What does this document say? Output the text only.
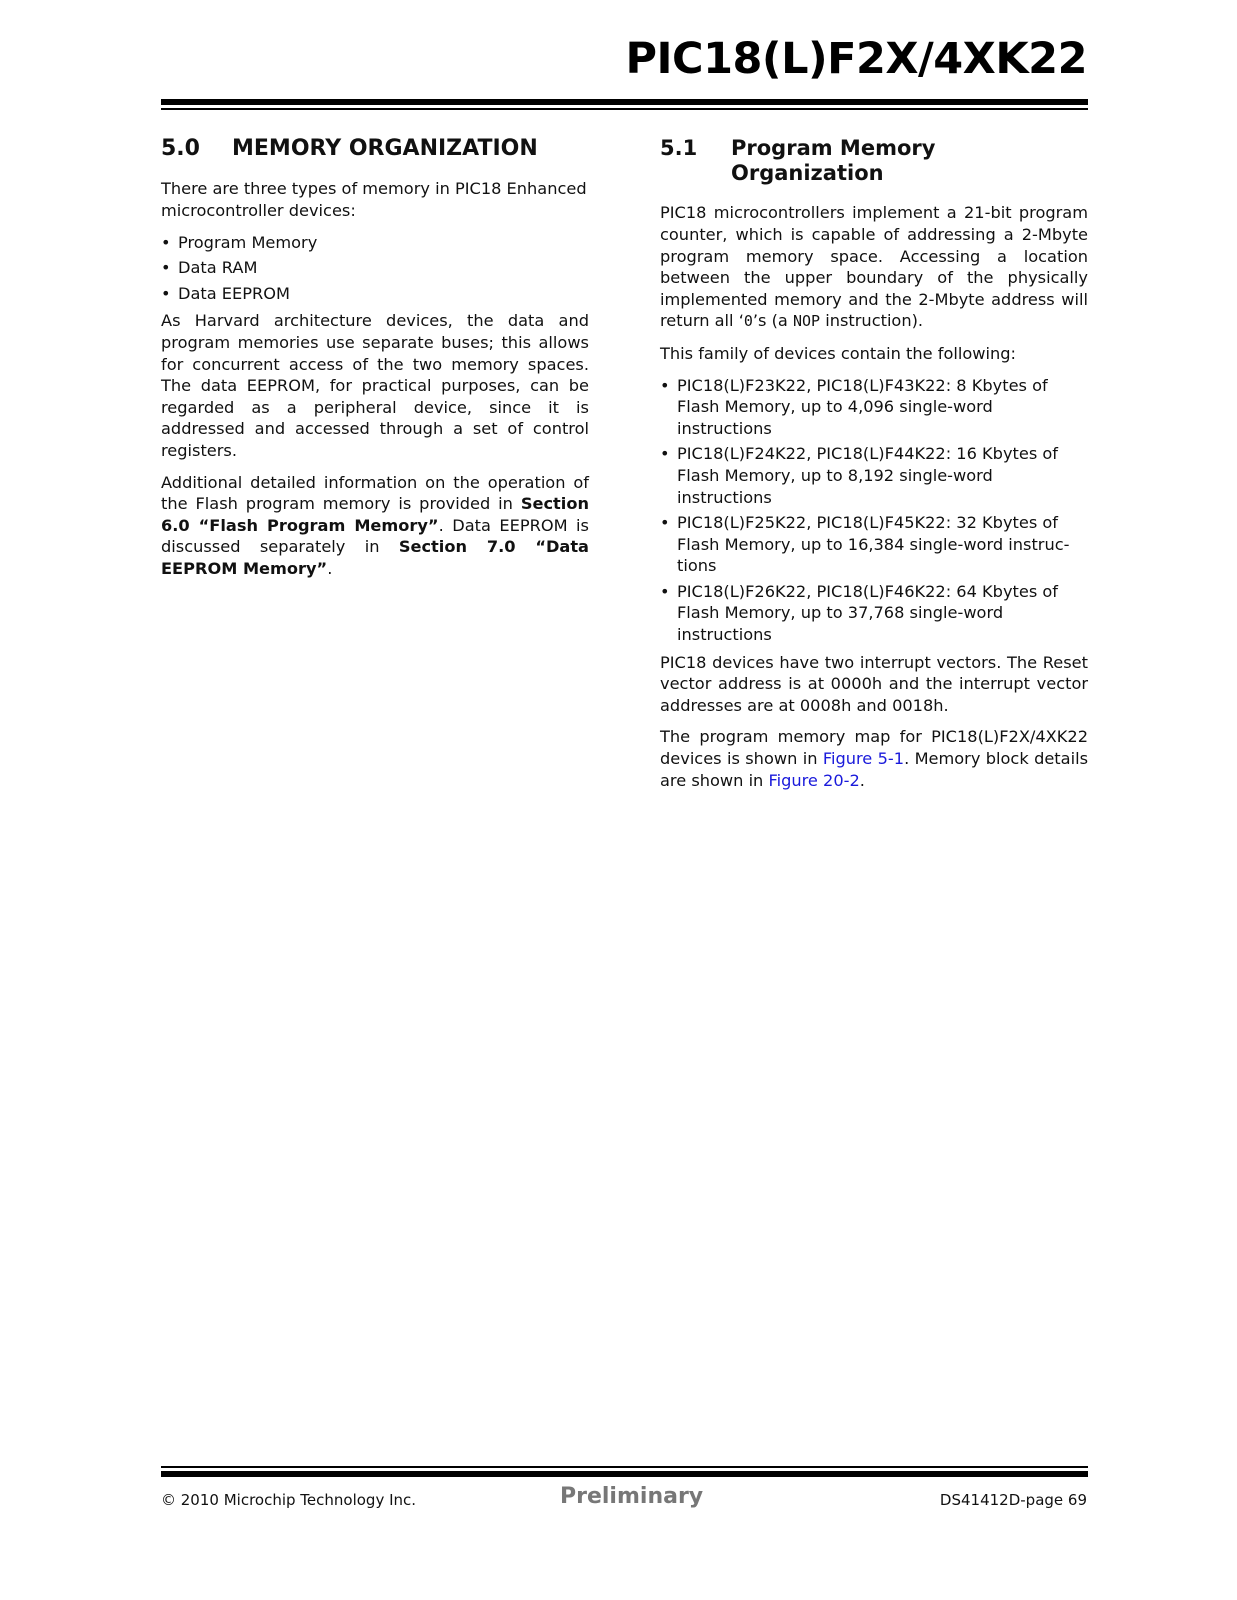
PIC18(L)F2X/4XK22
5.0	MEMORY ORGANIZATION

There are three types of memory in PIC18 Enhanced microcontroller devices:

• Program Memory
• Data RAM
• Data EEPROM

As Harvard architecture devices, the data and program memories use separate buses; this allows for concurrent access of the two memory spaces. The data EEPROM, for practical purposes, can be regarded as a peripheral device, since it is addressed and accessed through a set of control registers.

Additional detailed information on the operation of the Flash program memory is provided in Section 6.0 “Flash Program Memory”. Data EEPROM is discussed separately in Section 7.0 “Data EEPROM Memory”.

5.1	Program Memory Organization

PIC18 microcontrollers implement a 21-bit program counter, which is capable of addressing a 2-Mbyte program memory space. Accessing a location between the upper boundary of the physically implemented memory and the 2-Mbyte address will return all ‘0’s (a NOP instruction).

This family of devices contain the following:

• PIC18(L)F23K22, PIC18(L)F43K22: 8 Kbytes of Flash Memory, up to 4,096 single-word instructions
• PIC18(L)F24K22, PIC18(L)F44K22: 16 Kbytes of Flash Memory, up to 8,192 single-word instructions
• PIC18(L)F25K22, PIC18(L)F45K22: 32 Kbytes of Flash Memory, up to 16,384 single-word instruc-tions
• PIC18(L)F26K22, PIC18(L)F46K22: 64 Kbytes of Flash Memory, up to 37,768 single-word instructions

PIC18 devices have two interrupt vectors. The Reset vector address is at 0000h and the interrupt vector addresses are at 0008h and 0018h.

The program memory map for PIC18(L)F2X/4XK22 devices is shown in Figure 5-1. Memory block details are shown in Figure 20-2.

© 2010 Microchip Technology Inc.	Preliminary	DS41412D-page 69
